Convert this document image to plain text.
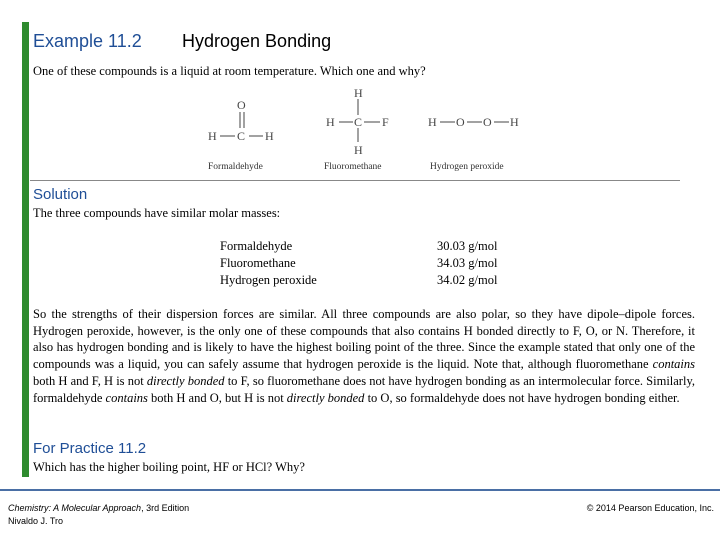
Example 11.2 Hydrogen Bonding
One of these compounds is a liquid at room temperature. Which one and why?
O
H C H
Formaldehyde
H
H C F
H
Fluoromethane
H O O H
Hydrogen peroxide
Solution
The three compounds have similar molar masses:
Formaldehyde	30.03 g/mol
Fluoromethane	34.03 g/mol
Hydrogen peroxide	34.02 g/mol
So the strengths of their dispersion forces are similar. All three compounds are also polar, so they have dipole–dipole forces. Hydrogen peroxide, however, is the only one of these compounds that also contains H bonded directly to F, O, or N. Therefore, it also has hydrogen bonding and is likely to have the highest boiling point of the three. Since the example stated that only one of the compounds was a liquid, you can safely assume that hydrogen peroxide is the liquid. Note that, although fluoromethane contains both H and F, H is not directly bonded to F, so fluoromethane does not have hydrogen bonding as an intermolecular force. Similarly, formaldehyde contains both H and O, but H is not directly bonded to O, so formaldehyde does not have hydrogen bonding either.
For Practice 11.2
Which has the higher boiling point, HF or HCl? Why?
Chemistry: A Molecular Approach, 3rd Edition
Nivaldo J. Tro
© 2014 Pearson Education, Inc.
